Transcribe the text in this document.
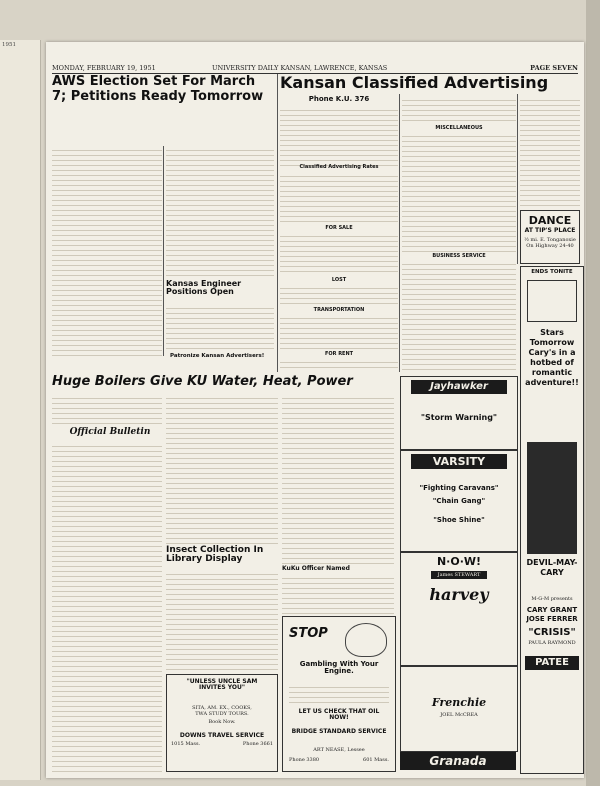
1951
MONDAY, FEBRUARY 19, 1951	UNIVERSITY DAILY KANSAN, LAWRENCE, KANSAS	PAGE SEVEN
AWS Election Set For March
7; Petitions Ready Tomorrow
Kansas Engineer Positions Open
Patronize Kansan Advertisers!
Kansan Classified Advertising
Phone K.U. 376
Classified Advertising Rates
FOR SALE
LOST
TRANSPORTATION
FOR RENT
MISCELLANEOUS
BUSINESS SERVICE
DANCE
AT TIP'S PLACE
½ mi. E. Tonganoxie On Highway 24-40
Huge Boilers Give KU Water, Heat, Power
Official Bulletin
Insect Collection In Library Display
"UNLESS UNCLE SAM
INVITES YOU"
SITA, AM. EX., COOKS,
TWA STUDY TOURS.
Book Now.
DOWNS TRAVEL SERVICE
1015 Mass.	Phone 3661
KuKu Officer Named
STOP
Gambling With Your Engine.
LET US CHECK THAT OIL NOW!
BRIDGE STANDARD SERVICE
ART NEASE, Lessee
Phone 3380	601 Mass.
Jayhawker
"Storm Warning"
VARSITY
"Fighting Caravans"
"Chain Gang"
"Shoe Shine"
N·O·W!
James STEWART
harvey
Frenchie
JOEL McCREA
Granada
ENDS TONITE
Stars Tomorrow Cary's in a hotbed of romantic adventure!!
DEVIL-MAY-CARY
M-G-M presents
CARY GRANT JOSE FERRER
"CRISIS"
PAULA RAYMOND
PATEE
